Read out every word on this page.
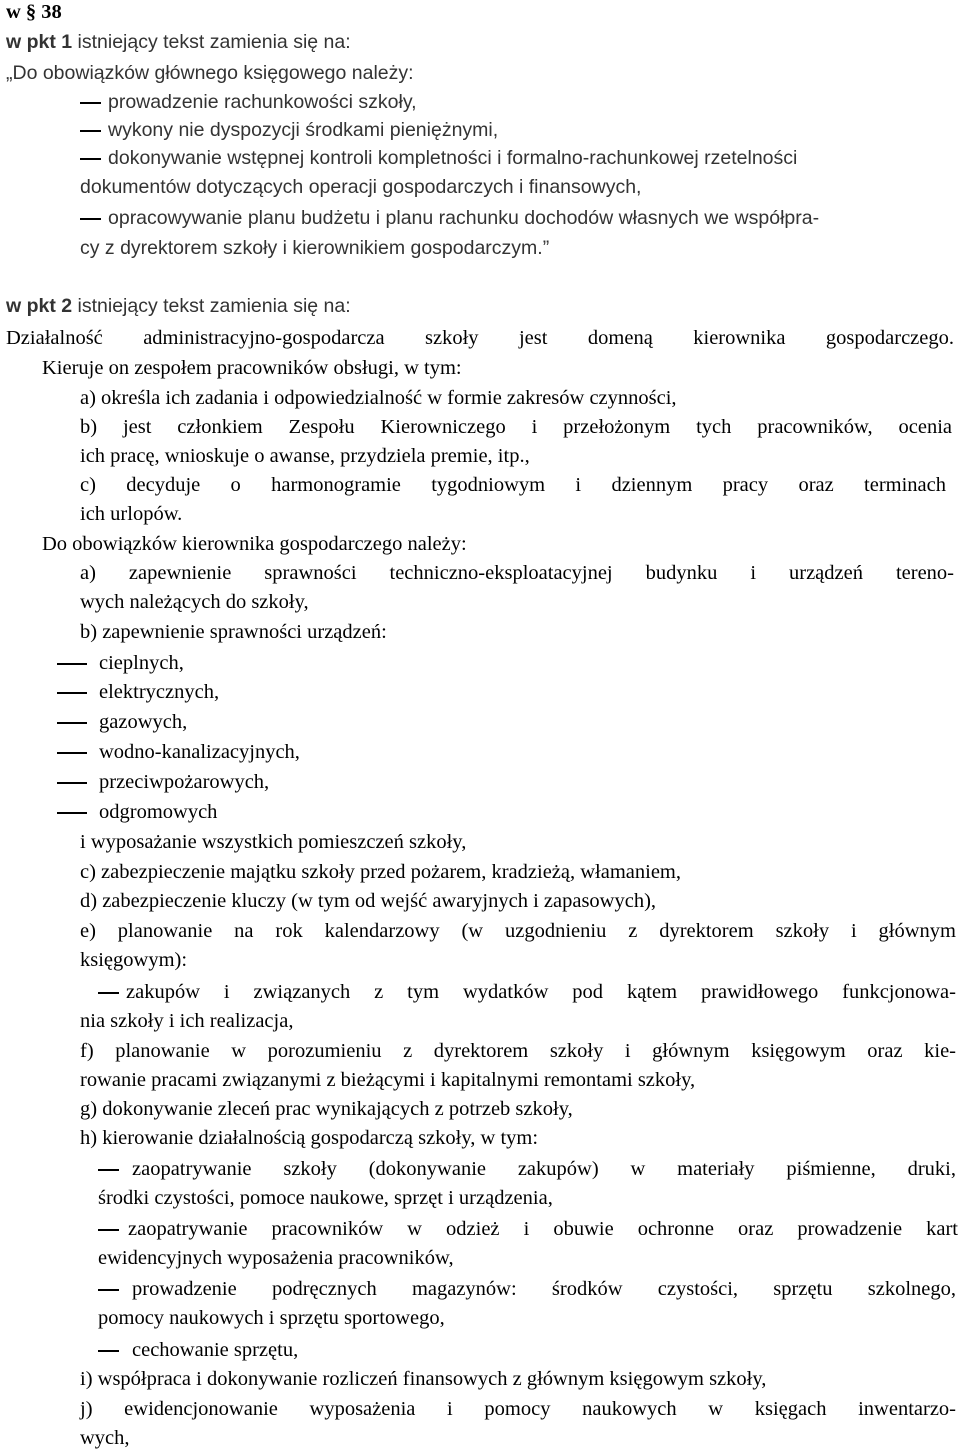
w § 38
w pkt 1 istniejący tekst zamienia się na:
„Do obowiązków głównego księgowego należy:
prowadzenie rachunkowości szkoły,
wykony nie dyspozycji środkami pieniężnymi,
dokonywanie wstępnej kontroli kompletności i formalno-rachunkowej rzetelności
dokumentów dotyczących operacji gospodarczych i finansowych,
opracowywanie planu budżetu i planu rachunku dochodów własnych we współpra-
cy z dyrektorem szkoły i kierownikiem gospodarczym.”
w pkt 2 istniejący tekst zamienia się na:
Działalność administracyjno-gospodarcza szkoły jest domeną kierownika gospodarczego.
Kieruje on zespołem pracowników obsługi, w tym:
a) określa ich zadania i odpowiedzialność w formie zakresów czynności,
b) jest członkiem Zespołu Kierowniczego i przełożonym tych pracowników, ocenia
ich pracę, wnioskuje o awanse, przydziela premie, itp.,
c) decyduje o harmonogramie tygodniowym i dziennym pracy oraz terminach
ich urlopów.
Do obowiązków kierownika gospodarczego należy:
a) zapewnienie sprawności techniczno-eksploatacyjnej budynku i urządzeń tereno-
wych należących do szkoły,
b) zapewnienie sprawności urządzeń:
cieplnych,
elektrycznych,
gazowych,
wodno-kanalizacyjnych,
przeciwpożarowych,
odgromowych
i wyposażanie wszystkich pomieszczeń szkoły,
c) zabezpieczenie majątku szkoły przed pożarem, kradzieżą, włamaniem,
d) zabezpieczenie kluczy (w tym od wejść awaryjnych i zapasowych),
e) planowanie na rok kalendarzowy (w uzgodnieniu z dyrektorem szkoły i głównym
księgowym):
zakupów i związanych z tym wydatków pod kątem prawidłowego funkcjonowa-
nia szkoły i ich realizacja,
f) planowanie w porozumieniu z dyrektorem szkoły i głównym księgowym oraz kie-
rowanie pracami związanymi z bieżącymi i kapitalnymi remontami szkoły,
g) dokonywanie zleceń prac wynikających z potrzeb szkoły,
h) kierowanie działalnością gospodarczą szkoły, w tym:
zaopatrywanie szkoły (dokonywanie zakupów) w materiały piśmienne, druki,
środki czystości, pomoce naukowe, sprzęt i urządzenia,
zaopatrywanie pracowników w odzież i obuwie ochronne oraz prowadzenie kart
ewidencyjnych wyposażenia pracowników,
prowadzenie podręcznych magazynów: środków czystości, sprzętu szkolnego,
pomocy naukowych i sprzętu sportowego,
cechowanie sprzętu,
i) współpraca i dokonywanie rozliczeń finansowych z głównym księgowym szkoły,
j) ewidencjonowanie wyposażenia i pomocy naukowych w księgach inwentarzo-
wych,
